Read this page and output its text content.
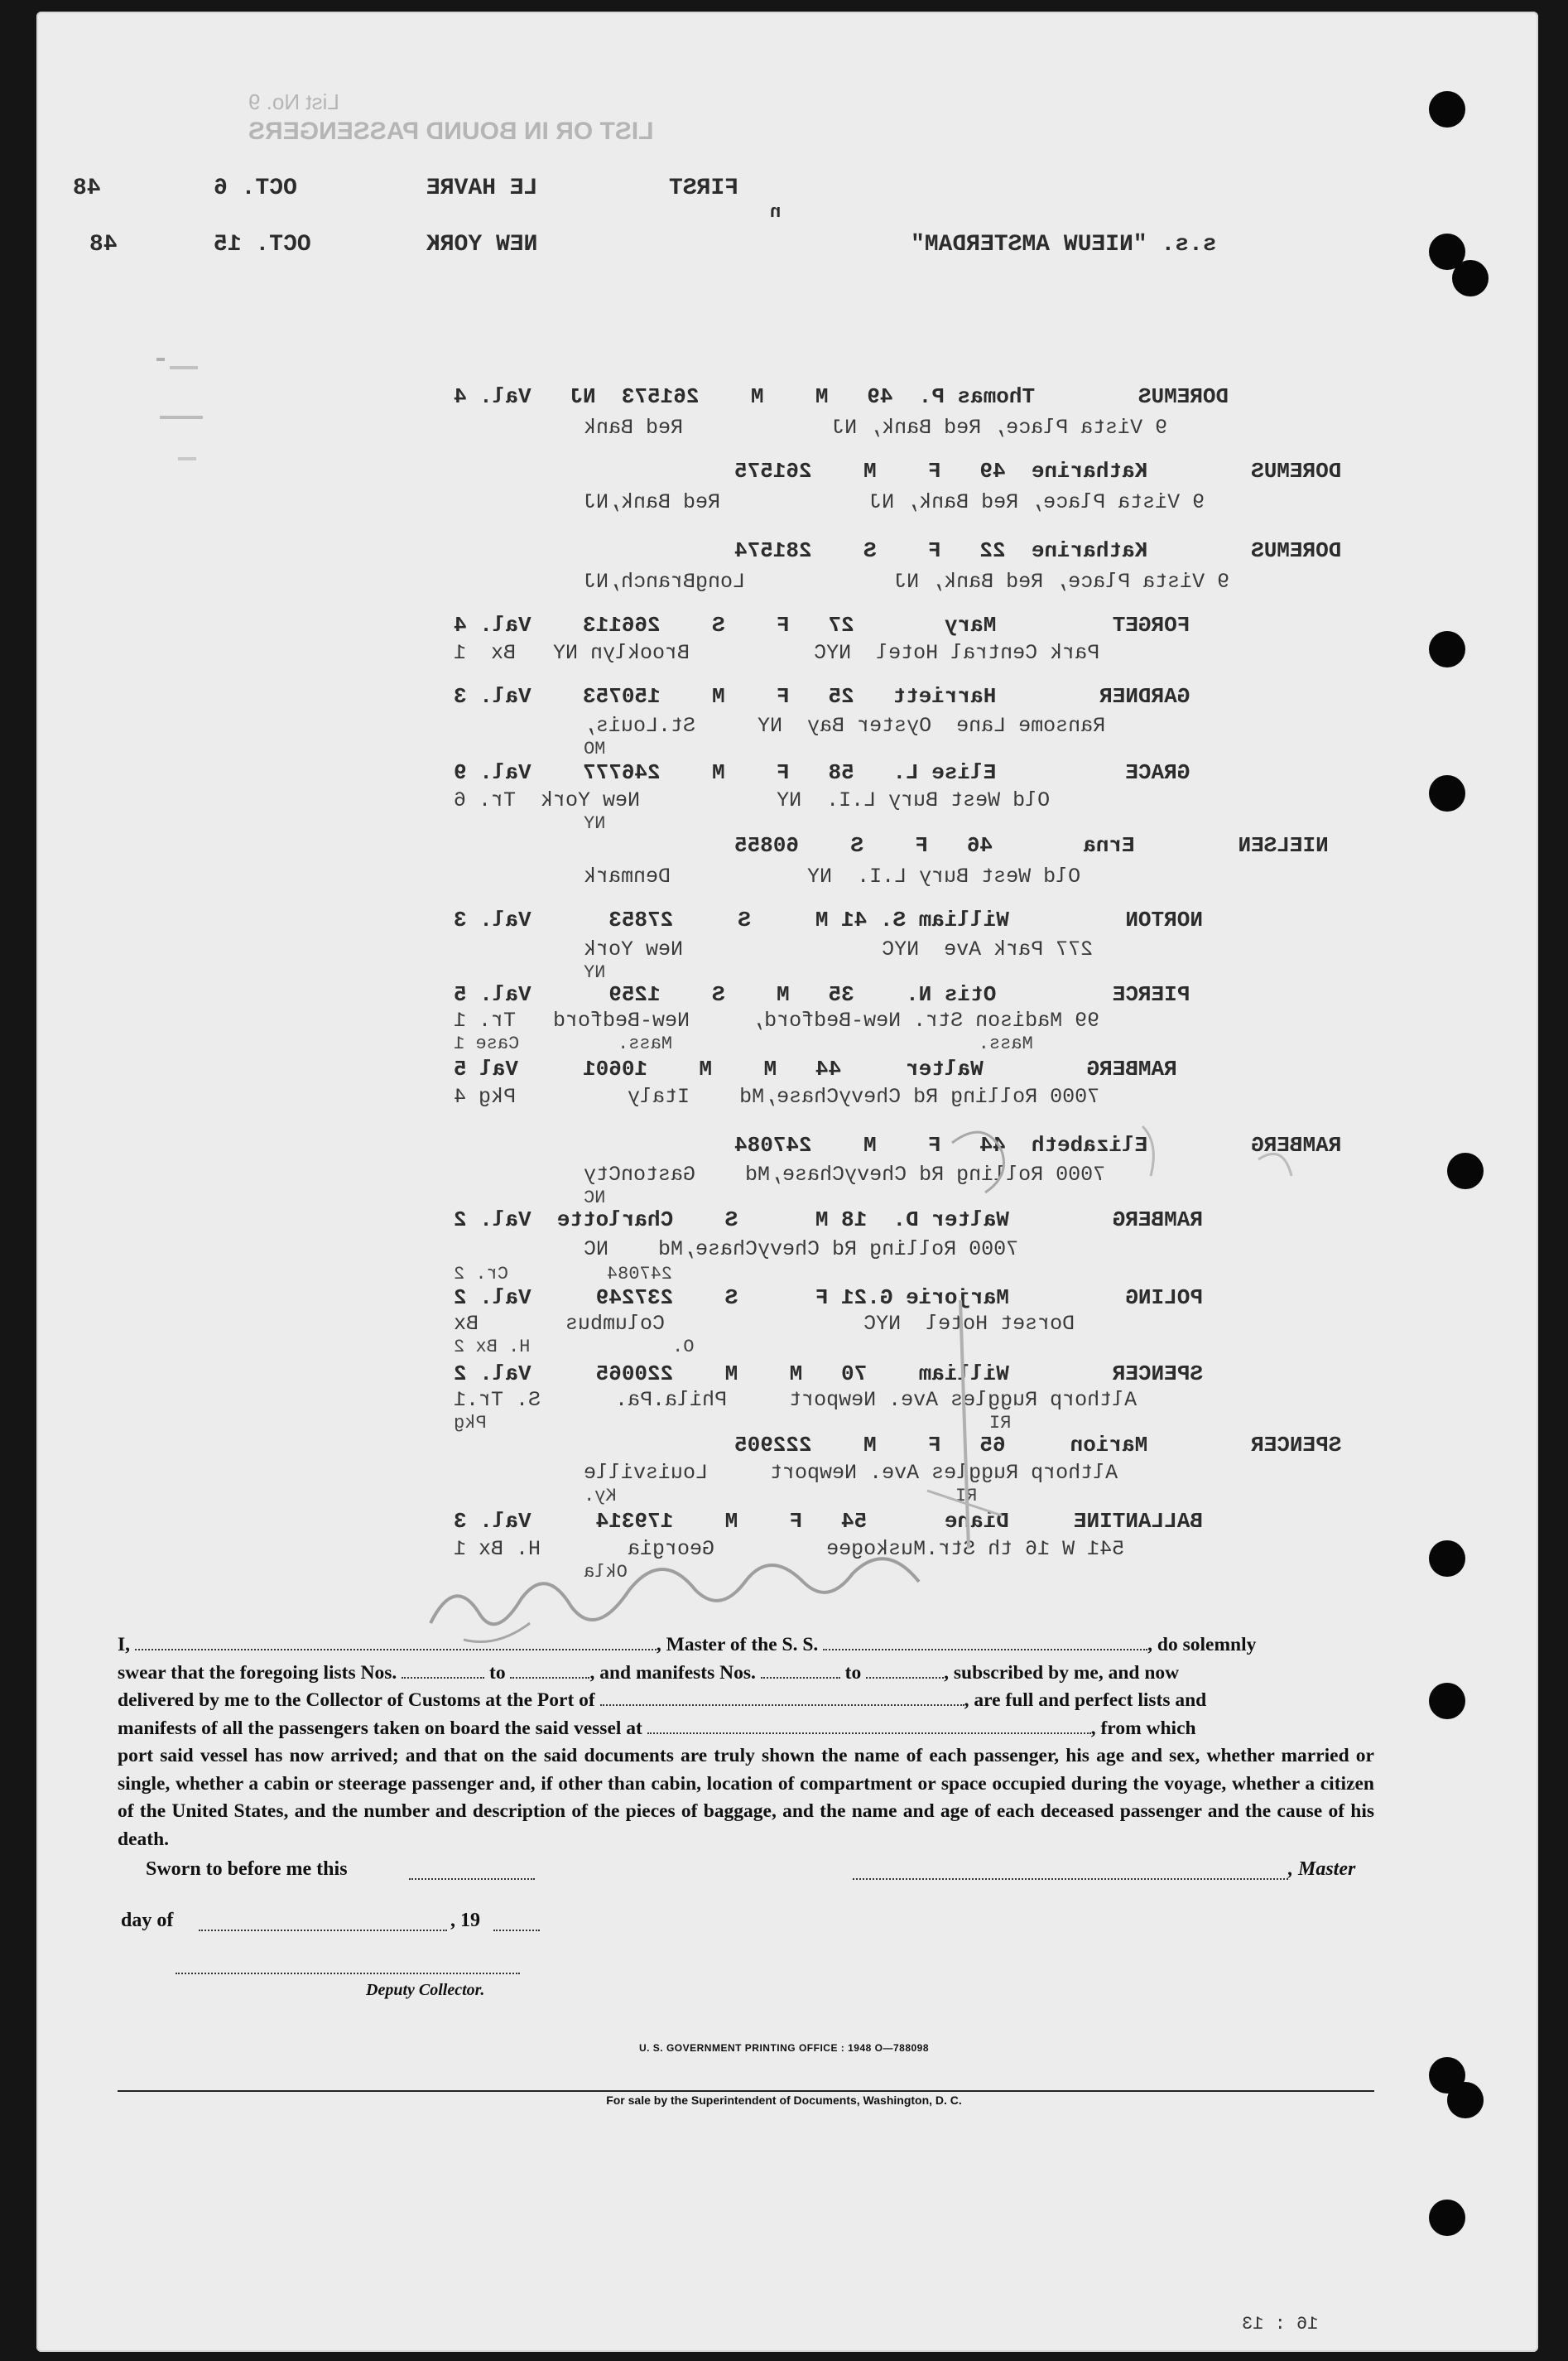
List No. 9
LIST OR IN BOUND PASSENGERS
48	OCT. 6	LE HAVRE	FIRST
n
48	OCT. 15	NEW YORK	s.s. "NIEUW AMSTERDAM"
DOREMUS        Thomas P.  49   M    M    261573  NJ   Val. 4
9 Vista Place, Red Bank, NJ            Red Bank
DOREMUS        Katharine  49   F    M    261575
9 Vista Place, Red Bank, NJ            Red Bank,NJ
DOREMUS        Katharine  22   F    S    281574
9 Vista Place, Red Bank, NJ            LongBranch,NJ
FORGET         Mary       27   F    S    266113    Val. 4
Park Central Hotel  NYC          Brooklyn NY   Bx  1
GARDNER        Harriett   25   F    M    150753    Val. 3
Ransome Lane  Oyster Bay  NY     St.Louis,
MO
GRACE          Elise L.   58   F    M    246777    Val. 9
Old West Bury L.I.  NY           New York  Tr. 6
NY
NIELSEN        Erna       46   F    S    60855
Old West Bury L.I.  NY           Denmark
NORTON         William S. 41 M     S     27853      Val. 3
277 Park Ave  NYC                New York
NY
PIERCE         Otis N.    35   M    S    1259      Val. 5
99 Madison Str. New-Bedford,     New-Bedford   Tr. 1
Mass.                            Mass.         Case 1
RAMBERG        Walter     44   M    M    10601     Val 5
7000 Rolling Rd ChevyChase,Md    Italy         Pkg 4
RAMBERG        Elizabeth  44   F    M    247084
7000 Rolling Rd ChevyChase,Md    GastonCty
NC
RAMBERG        Walter D.  18 M      S    Charlotte  Val. 2
7000 Rolling Rd ChevyChase,Md    NC
247084         Cr. 2
POLING         Marjorie G.21 F      S    237249     Val. 2
Dorset Hotel  NYC                Columbus       Bx
O.             H. Bx 2
SPENCER        William    70   M    M    220065     Val. 2
Althorp Ruggles Ave. Newport     Phila.Pa.      S. Tr.1
RI                                              Pkg
SPENCER        Marion     65   F    M    222905
Althorp Ruggles Ave. Newport     Louisville
RI                               Ky.
BALLANTINE     Diane      54   F    M    179314     Val. 3
541 W 16 th Str.Muskogee         Georgia       H. Bx 1
Okla

I,	, Master of the S. S.	, do solemnly

swear that the foregoing lists Nos.	to	, and manifests Nos.	to	, subscribed by me, and now

delivered by me to the Collector of Customs at the Port of	, are full and perfect lists and

manifests of all the passengers taken on board the said vessel at	, from which

port said vessel has now arrived; and that on the said documents are truly shown the name of each passenger, his age and sex, whether married or single, whether a cabin or steerage passenger and, if other than cabin, location of compartment or space occupied during the voyage, whether a citizen of the United States, and the number and description of the pieces of baggage, and the name and age of each deceased passenger and the cause of his death.

Sworn to before me this	, Master
day of	, 19
Deputy Collector.
U. S. GOVERNMENT PRINTING OFFICE : 1948 O—788098
For sale by the Superintendent of Documents, Washington, D. C.
16 : 13
